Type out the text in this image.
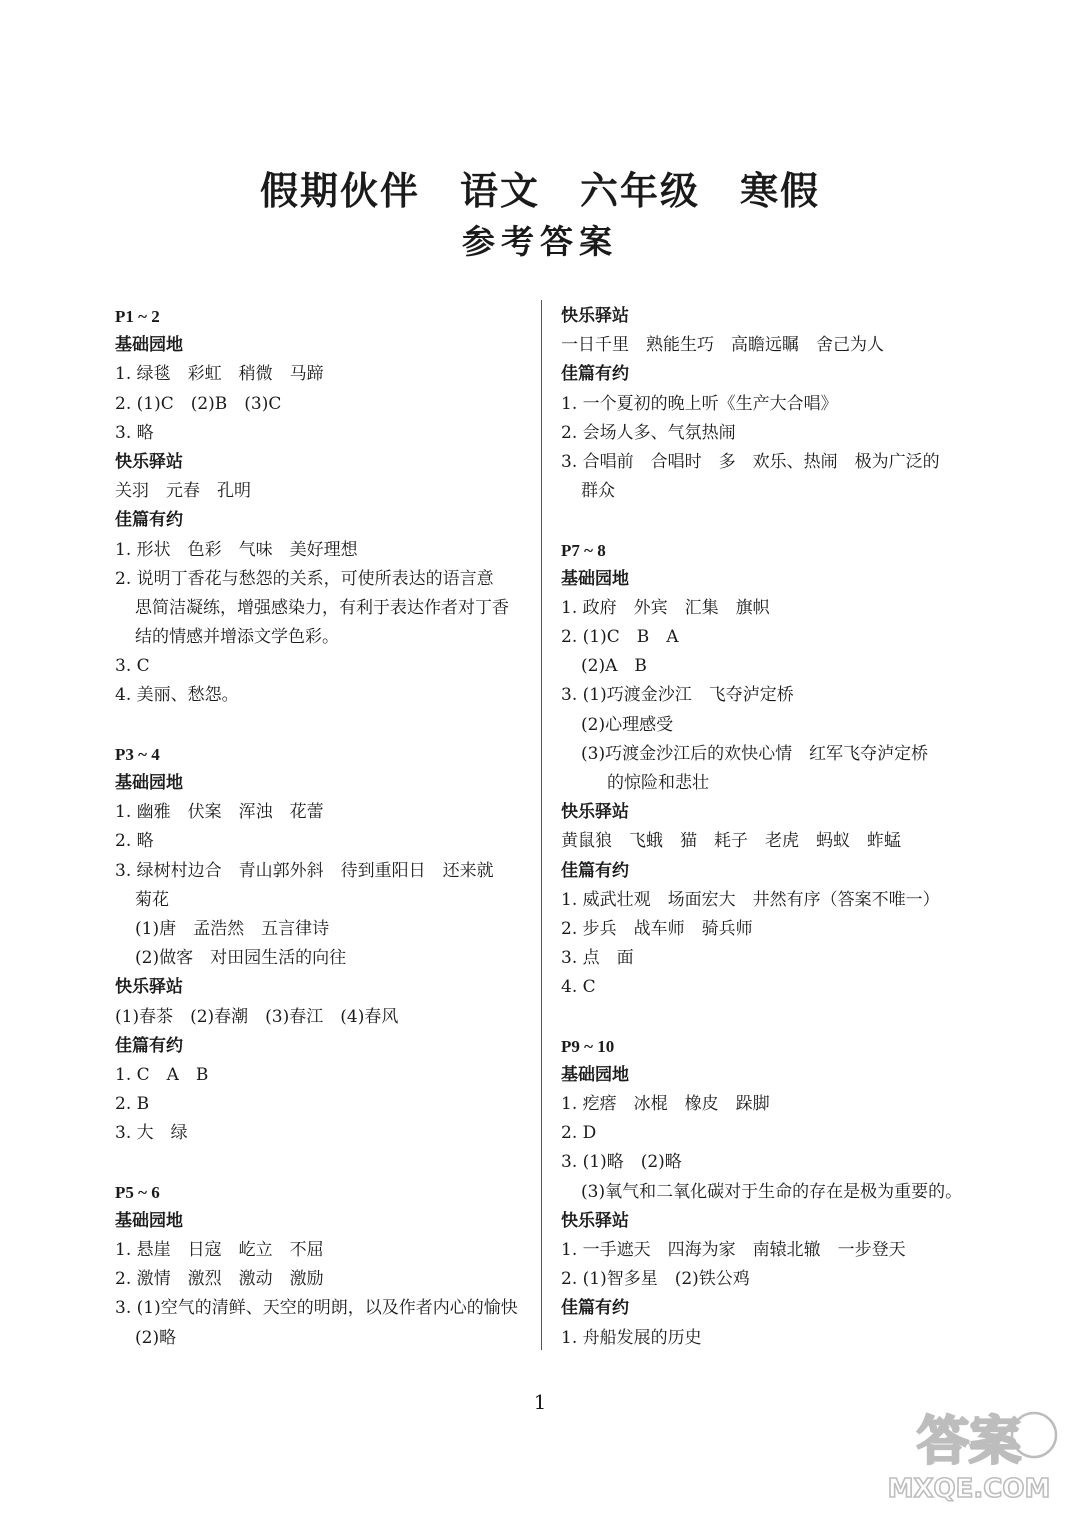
假期伙伴　语文　六年级　寒假
参考答案
P1 ~ 2
基础园地
1. 绿毯　彩虹　稍微　马蹄
2. (1)C　(2)B　(3)C
3. 略
快乐驿站
关羽　元春　孔明
佳篇有约
1. 形状　色彩　气味　美好理想
2. 说明丁香花与愁怨的关系，可使所表达的语言意
思简洁凝练，增强感染力，有利于表达作者对丁香
结的情感并增添文学色彩。
3. C
4. 美丽、愁怨。
P3 ~ 4
基础园地
1. 幽雅　伏案　浑浊　花蕾
2. 略
3. 绿树村边合　青山郭外斜　待到重阳日　还来就
菊花
(1)唐　孟浩然　五言律诗
(2)做客　对田园生活的向往
快乐驿站
(1)春茶　(2)春潮　(3)春江　(4)春风
佳篇有约
1. C　A　B
2. B
3. 大　绿
P5 ~ 6
基础园地
1. 悬崖　日寇　屹立　不屈
2. 激情　激烈　激动　激励
3. (1)空气的清鲜、天空的明朗，以及作者内心的愉快
(2)略
快乐驿站
一日千里　熟能生巧　高瞻远瞩　舍己为人
佳篇有约
1. 一个夏初的晚上听《生产大合唱》
2. 会场人多、气氛热闹
3. 合唱前　合唱时　多　欢乐、热闹　极为广泛的
群众
P7 ~ 8
基础园地
1. 政府　外宾　汇集　旗帜
2. (1)C　B　A
(2)A　B
3. (1)巧渡金沙江　飞夺泸定桥
(2)心理感受
(3)巧渡金沙江后的欢快心情　红军飞夺泸定桥
的惊险和悲壮
快乐驿站
黄鼠狼　飞蛾　猫　耗子　老虎　蚂蚁　蚱蜢
佳篇有约
1. 威武壮观　场面宏大　井然有序（答案不唯一）
2. 步兵　战车师　骑兵师
3. 点　面
4. C
P9 ~ 10
基础园地
1. 疙瘩　冰棍　橡皮　跺脚
2. D
3. (1)略　(2)略
(3)氧气和二氧化碳对于生命的存在是极为重要的。
快乐驿站
1. 一手遮天　四海为家　南辕北辙　一步登天
2. (1)智多星　(2)铁公鸡
佳篇有约
1. 舟船发展的历史
1
答案
MXQE.COM
